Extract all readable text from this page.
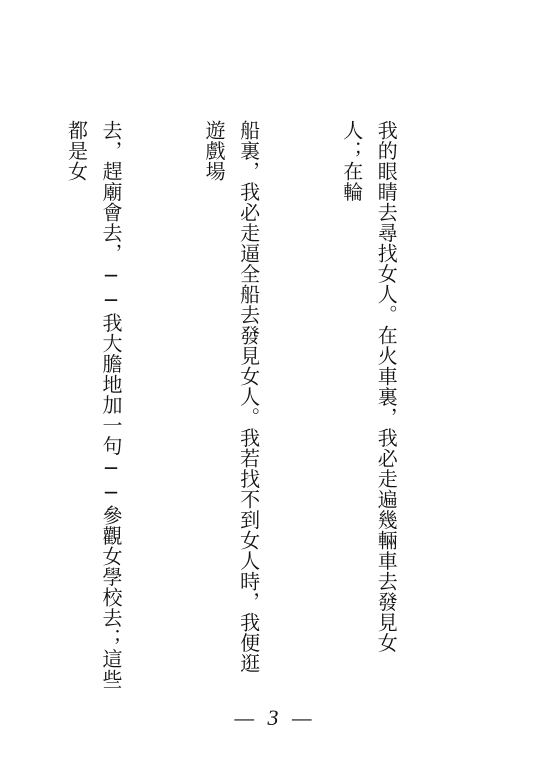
我的眼睛去尋找女人。在火車裏，我必走遍幾輛車去發見女人；在輪

船裏，我必走逼全船去發見女人。我若找不到女人時，我便逛遊戲場

去，趕廟會去，──我大膽地加一句──參觀女學校去；這些都是女

— 3 —
